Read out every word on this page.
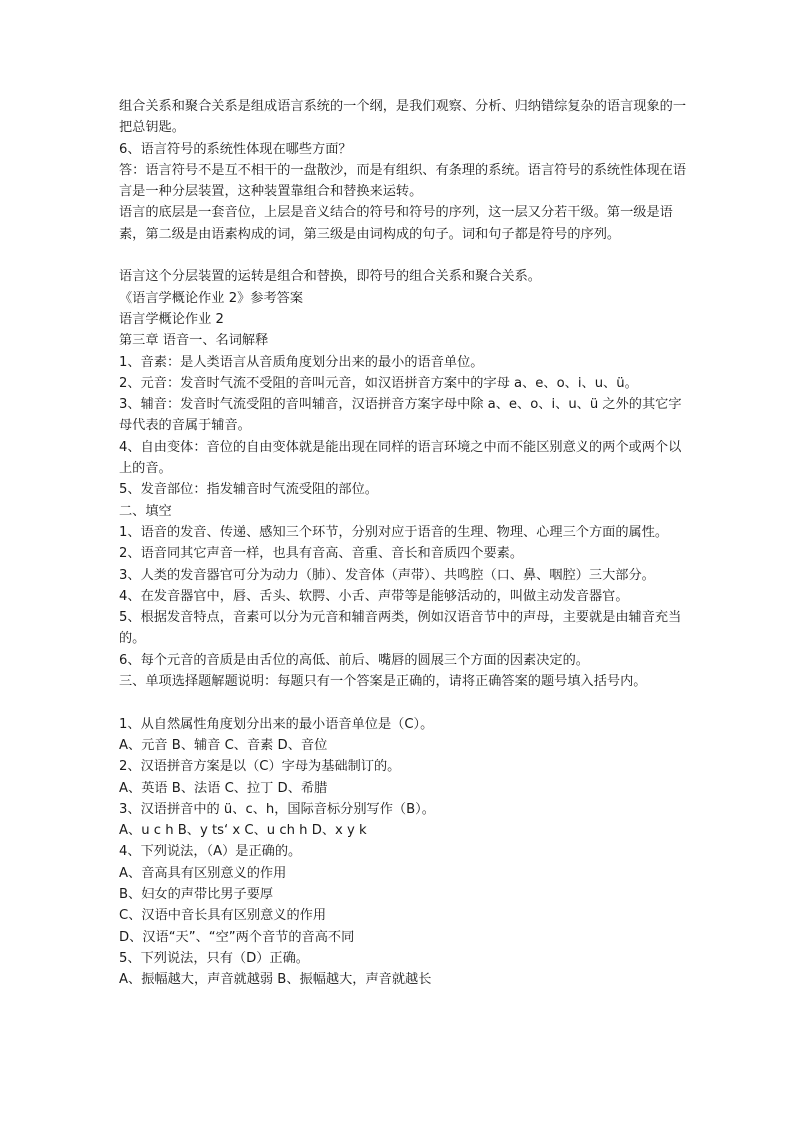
组合关系和聚合关系是组成语言系统的一个纲，是我们观察、分析、归纳错综复杂的语言现象的一把总钥匙。
6、语言符号的系统性体现在哪些方面？
答：语言符号不是互不相干的一盘散沙，而是有组织、有条理的系统。语言符号的系统性体现在语言是一种分层装置，这种装置靠组合和替换来运转。
语言的底层是一套音位，上层是音义结合的符号和符号的序列，这一层又分若干级。第一级是语素，第二级是由语素构成的词，第三级是由词构成的句子。词和句子都是符号的序列。
语言这个分层装置的运转是组合和替换，即符号的组合关系和聚合关系。
《语言学概论作业 2》参考答案
语言学概论作业 2
第三章 语音一、名词解释
1、音素：是人类语言从音质角度划分出来的最小的语音单位。
2、元音：发音时气流不受阻的音叫元音，如汉语拼音方案中的字母 a、e、o、i、u、ü。
3、辅音：发音时气流受阻的音叫辅音，汉语拼音方案字母中除 a、e、o、i、u、ü 之外的其它字母代表的音属于辅音。
4、自由变体：音位的自由变体就是能出现在同样的语言环境之中而不能区别意义的两个或两个以上的音。
5、发音部位：指发辅音时气流受阻的部位。
二、填空
1、语音的发音、传递、感知三个环节，分别对应于语音的生理、物理、心理三个方面的属性。
2、语音同其它声音一样，也具有音高、音重、音长和音质四个要素。
3、人类的发音器官可分为动力（肺）、发音体（声带）、共鸣腔（口、鼻、咽腔）三大部分。
4、在发音器官中，唇、舌头、软腭、小舌、声带等是能够活动的，叫做主动发音器官。
5、根据发音特点，音素可以分为元音和辅音两类，例如汉语音节中的声母，主要就是由辅音充当的。
6、每个元音的音质是由舌位的高低、前后、嘴唇的圆展三个方面的因素决定的。
三、单项选择题解题说明：每题只有一个答案是正确的，请将正确答案的题号填入括号内。
1、从自然属性角度划分出来的最小语音单位是（C）。
A、元音 B、辅音 C、音素 D、音位
2、汉语拼音方案是以（C）字母为基础制订的。
A、英语 B、法语 C、拉丁 D、希腊
3、汉语拼音中的 ü、c、h，国际音标分别写作（B）。
A、u c h B、y ts‘ x C、u ch h D、x y k
4、下列说法，（A）是正确的。
A、音高具有区别意义的作用
B、妇女的声带比男子要厚
C、汉语中音长具有区别意义的作用
D、汉语“天”、“空”两个音节的音高不同
5、下列说法，只有（D）正确。
A、振幅越大，声音就越弱 B、振幅越大，声音就越长
